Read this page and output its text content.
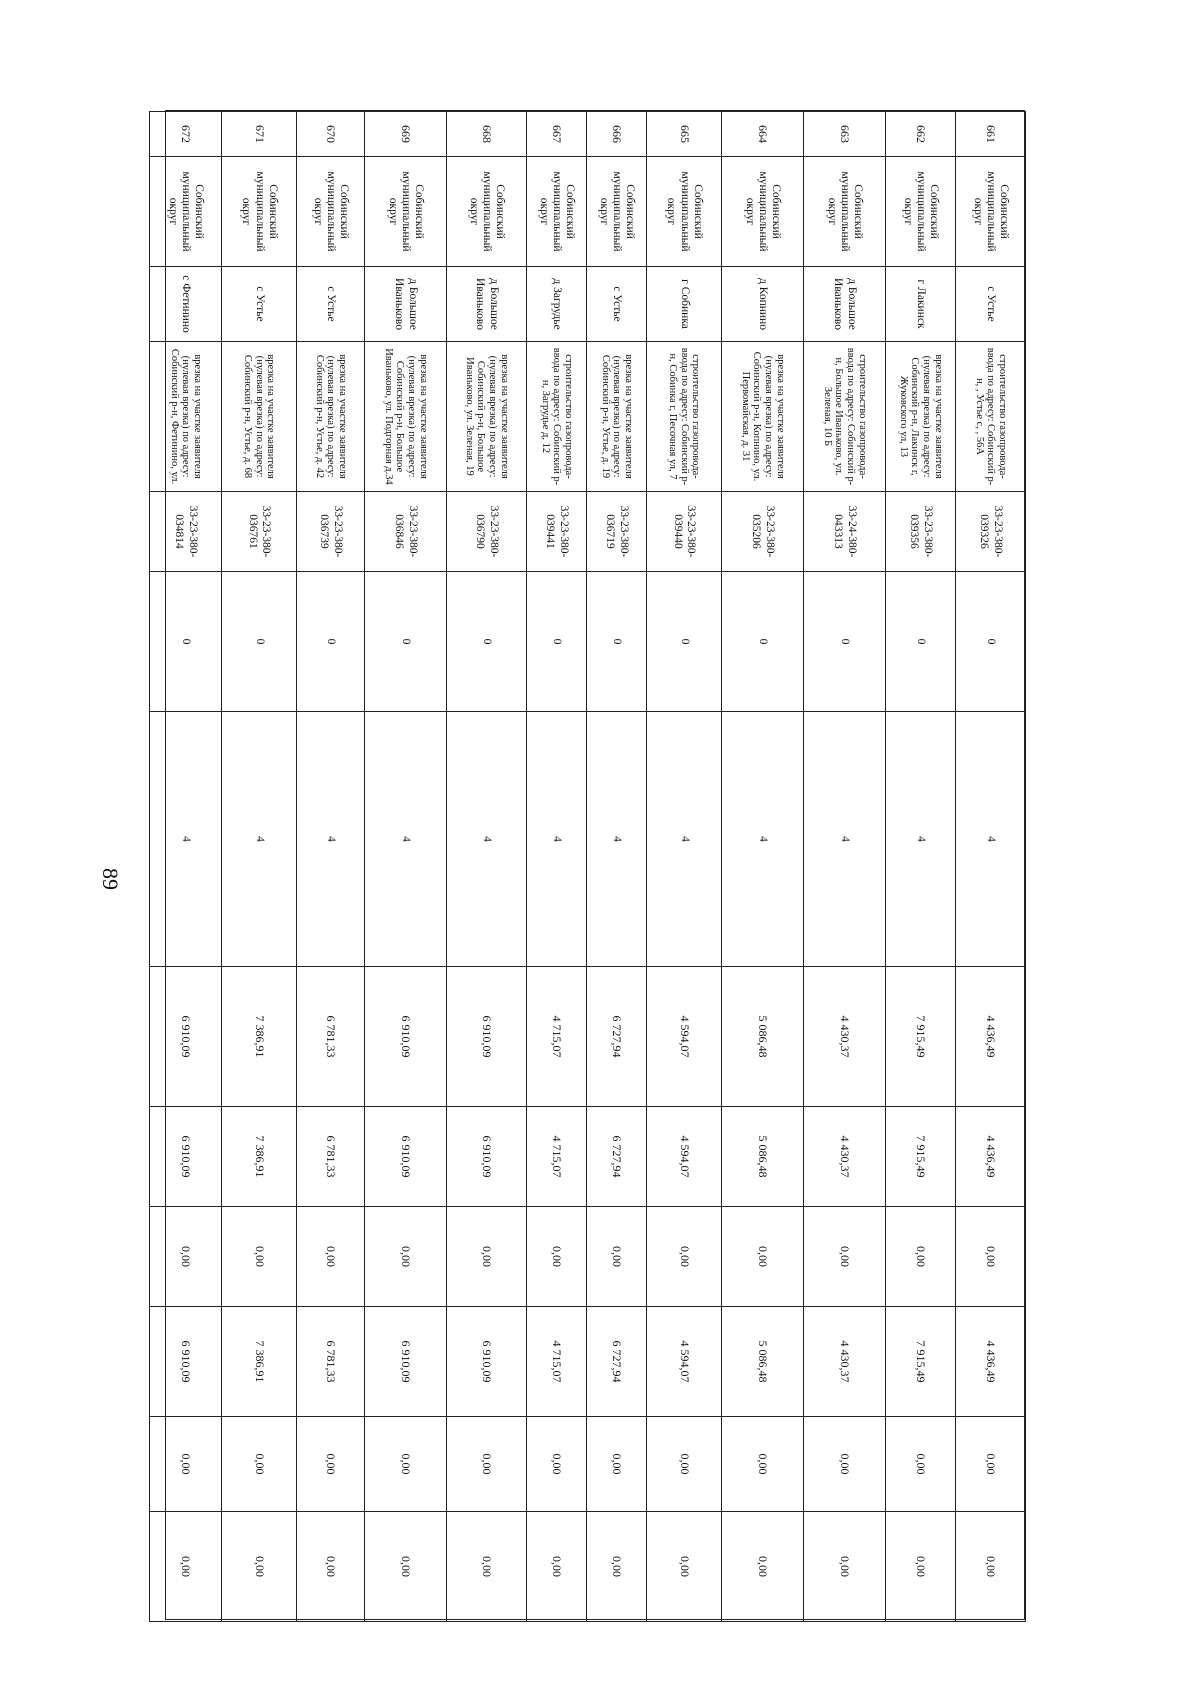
89
661	Собинский муниципальный округ	с Устье	строительство газопровода-ввода по адресу: Собинский р-н, , Устье с, , 56А	33-23-380-039326	0	4	4 436,49	4 436,49	0,00	4 436,49	0,00	0,00
662	Собинский муниципальный округ	г Лакинск	врезка на участке заявителя (нулевая врезка) по адресу: Собинский р-н, Лакинск г, Жуковского ул, 13	33-23-380-039356	0	4	7 915,49	7 915,49	0,00	7 915,49	0,00	0,00
663	Собинский муниципальный округ	д Большое Иваньково	строительство газопровода-ввода по адресу: Собинский р-н, Большое Иваньково, ул. Зеленая, 10 Б	33-24-380-043313	0	4	4 430,37	4 430,37	0,00	4 430,37	0,00	0,00
664	Собинский муниципальный округ	д Копнино	врезка на участке заявителя (нулевая врезка) по адресу: Собинский р-н, Копнино, ул. Первомайская, д. 31	33-23-380-035206	0	4	5 086,48	5 086,48	0,00	5 086,48	0,00	0,00
665	Собинский муниципальный округ	г Собинка	строительство газопровода-ввода по адресу: Собинский р-н, Собинка г, Песочная ул, 7	33-23-380-039440	0	4	4 594,07	4 594,07	0,00	4 594,07	0,00	0,00
666	Собинский муниципальный округ	с Устье	врезка на участке заявителя (нулевая врезка) по адресу: Собинский р-н, Устье, д. 19	33-23-380-036719	0	4	6 727,94	6 727,94	0,00	6 727,94	0,00	0,00
667	Собинский муниципальный округ	д Загрудье	строительство газопровода-ввода по адресу: Собинский р-н, Загрудье д, 12	33-23-380-039441	0	4	4 715,07	4 715,07	0,00	4 715,07	0,00	0,00
668	Собинский муниципальный округ	д Большое Иваньково	врезка на участке заявителя (нулевая врезка) по адресу: Собинский р-н, Большое Иваньково, ул. Зеленая, 19	33-23-380-036790	0	4	6 910,09	6 910,09	0,00	6 910,09	0,00	0,00
669	Собинский муниципальный округ	д Большое Иваньково	врезка на участке заявителя (нулевая врезка) по адресу: Собинский р-н, Большое Иваньково, ул. Подгорная д.34	33-23-380-036846	0	4	6 910,09	6 910,09	0,00	6 910,09	0,00	0,00
670	Собинский муниципальный округ	с Устье	врезка на участке заявителя (нулевая врезка) по адресу: Собинский р-н, Устье, д. 42	33-23-380-036739	0	4	6 781,33	6 781,33	0,00	6 781,33	0,00	0,00
671	Собинский муниципальный округ	с Устье	врезка на участке заявителя (нулевая врезка) по адресу: Собинский р-н, Устье, д. 68	33-23-380-036761	0	4	7 386,91	7 386,91	0,00	7 386,91	0,00	0,00
672	Собинский муниципальный округ	с Фетинино	врезка на участке заявителя (нулевая врезка) по адресу: Собинский р-н, Фетинино, ул.	33-23-380-034814	0	4	6 910,09	6 910,09	0,00	6 910,09	0,00	0,00
